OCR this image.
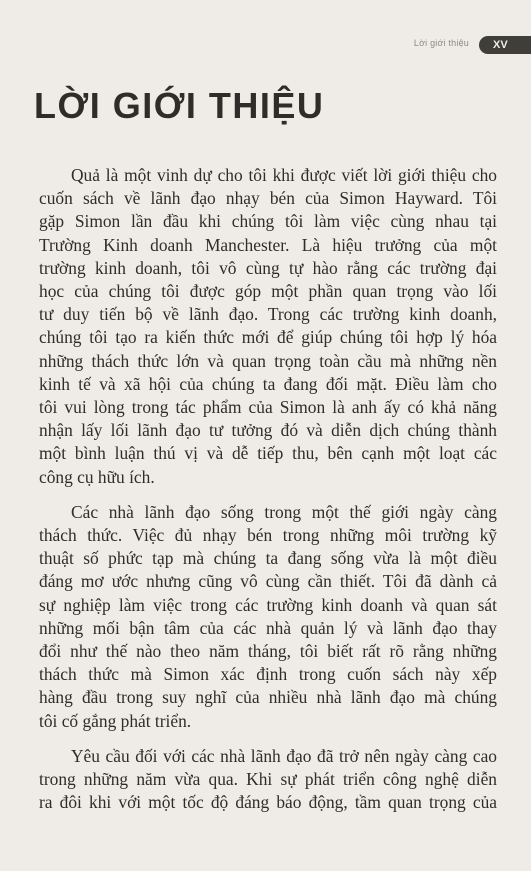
Lời giới thiệu	XV
LỜI GIỚI THIỆU

Quả là một vinh dự cho tôi khi được viết lời giới thiệu cho
cuốn sách về lãnh đạo nhạy bén của Simon Hayward. Tôi
gặp Simon lần đầu khi chúng tôi làm việc cùng nhau tại
Trường Kinh doanh Manchester. Là hiệu trưởng của một
trường kinh doanh, tôi vô cùng tự hào rằng các trường đại
học của chúng tôi được góp một phần quan trọng vào lối
tư duy tiến bộ về lãnh đạo. Trong các trường kinh doanh,
chúng tôi tạo ra kiến thức mới để giúp chúng tôi hợp lý hóa
những thách thức lớn và quan trọng toàn cầu mà những nền
kinh tế và xã hội của chúng ta đang đối mặt. Điều làm cho
tôi vui lòng trong tác phẩm của Simon là anh ấy có khả năng
nhận lấy lối lãnh đạo tư tưởng đó và diễn dịch chúng thành
một bình luận thú vị và dễ tiếp thu, bên cạnh một loạt các
công cụ hữu ích.

Các nhà lãnh đạo sống trong một thế giới ngày càng
thách thức. Việc đủ nhạy bén trong những môi trường kỹ
thuật số phức tạp mà chúng ta đang sống vừa là một điều
đáng mơ ước nhưng cũng vô cùng cần thiết. Tôi đã dành cả
sự nghiệp làm việc trong các trường kinh doanh và quan sát
những mối bận tâm của các nhà quản lý và lãnh đạo thay
đổi như thế nào theo năm tháng, tôi biết rất rõ rằng những
thách thức mà Simon xác định trong cuốn sách này xếp
hàng đầu trong suy nghĩ của nhiều nhà lãnh đạo mà chúng
tôi cố gắng phát triển.

Yêu cầu đối với các nhà lãnh đạo đã trở nên ngày càng cao
trong những năm vừa qua. Khi sự phát triển công nghệ diễn
ra đôi khi với một tốc độ đáng báo động, tầm quan trọng của
